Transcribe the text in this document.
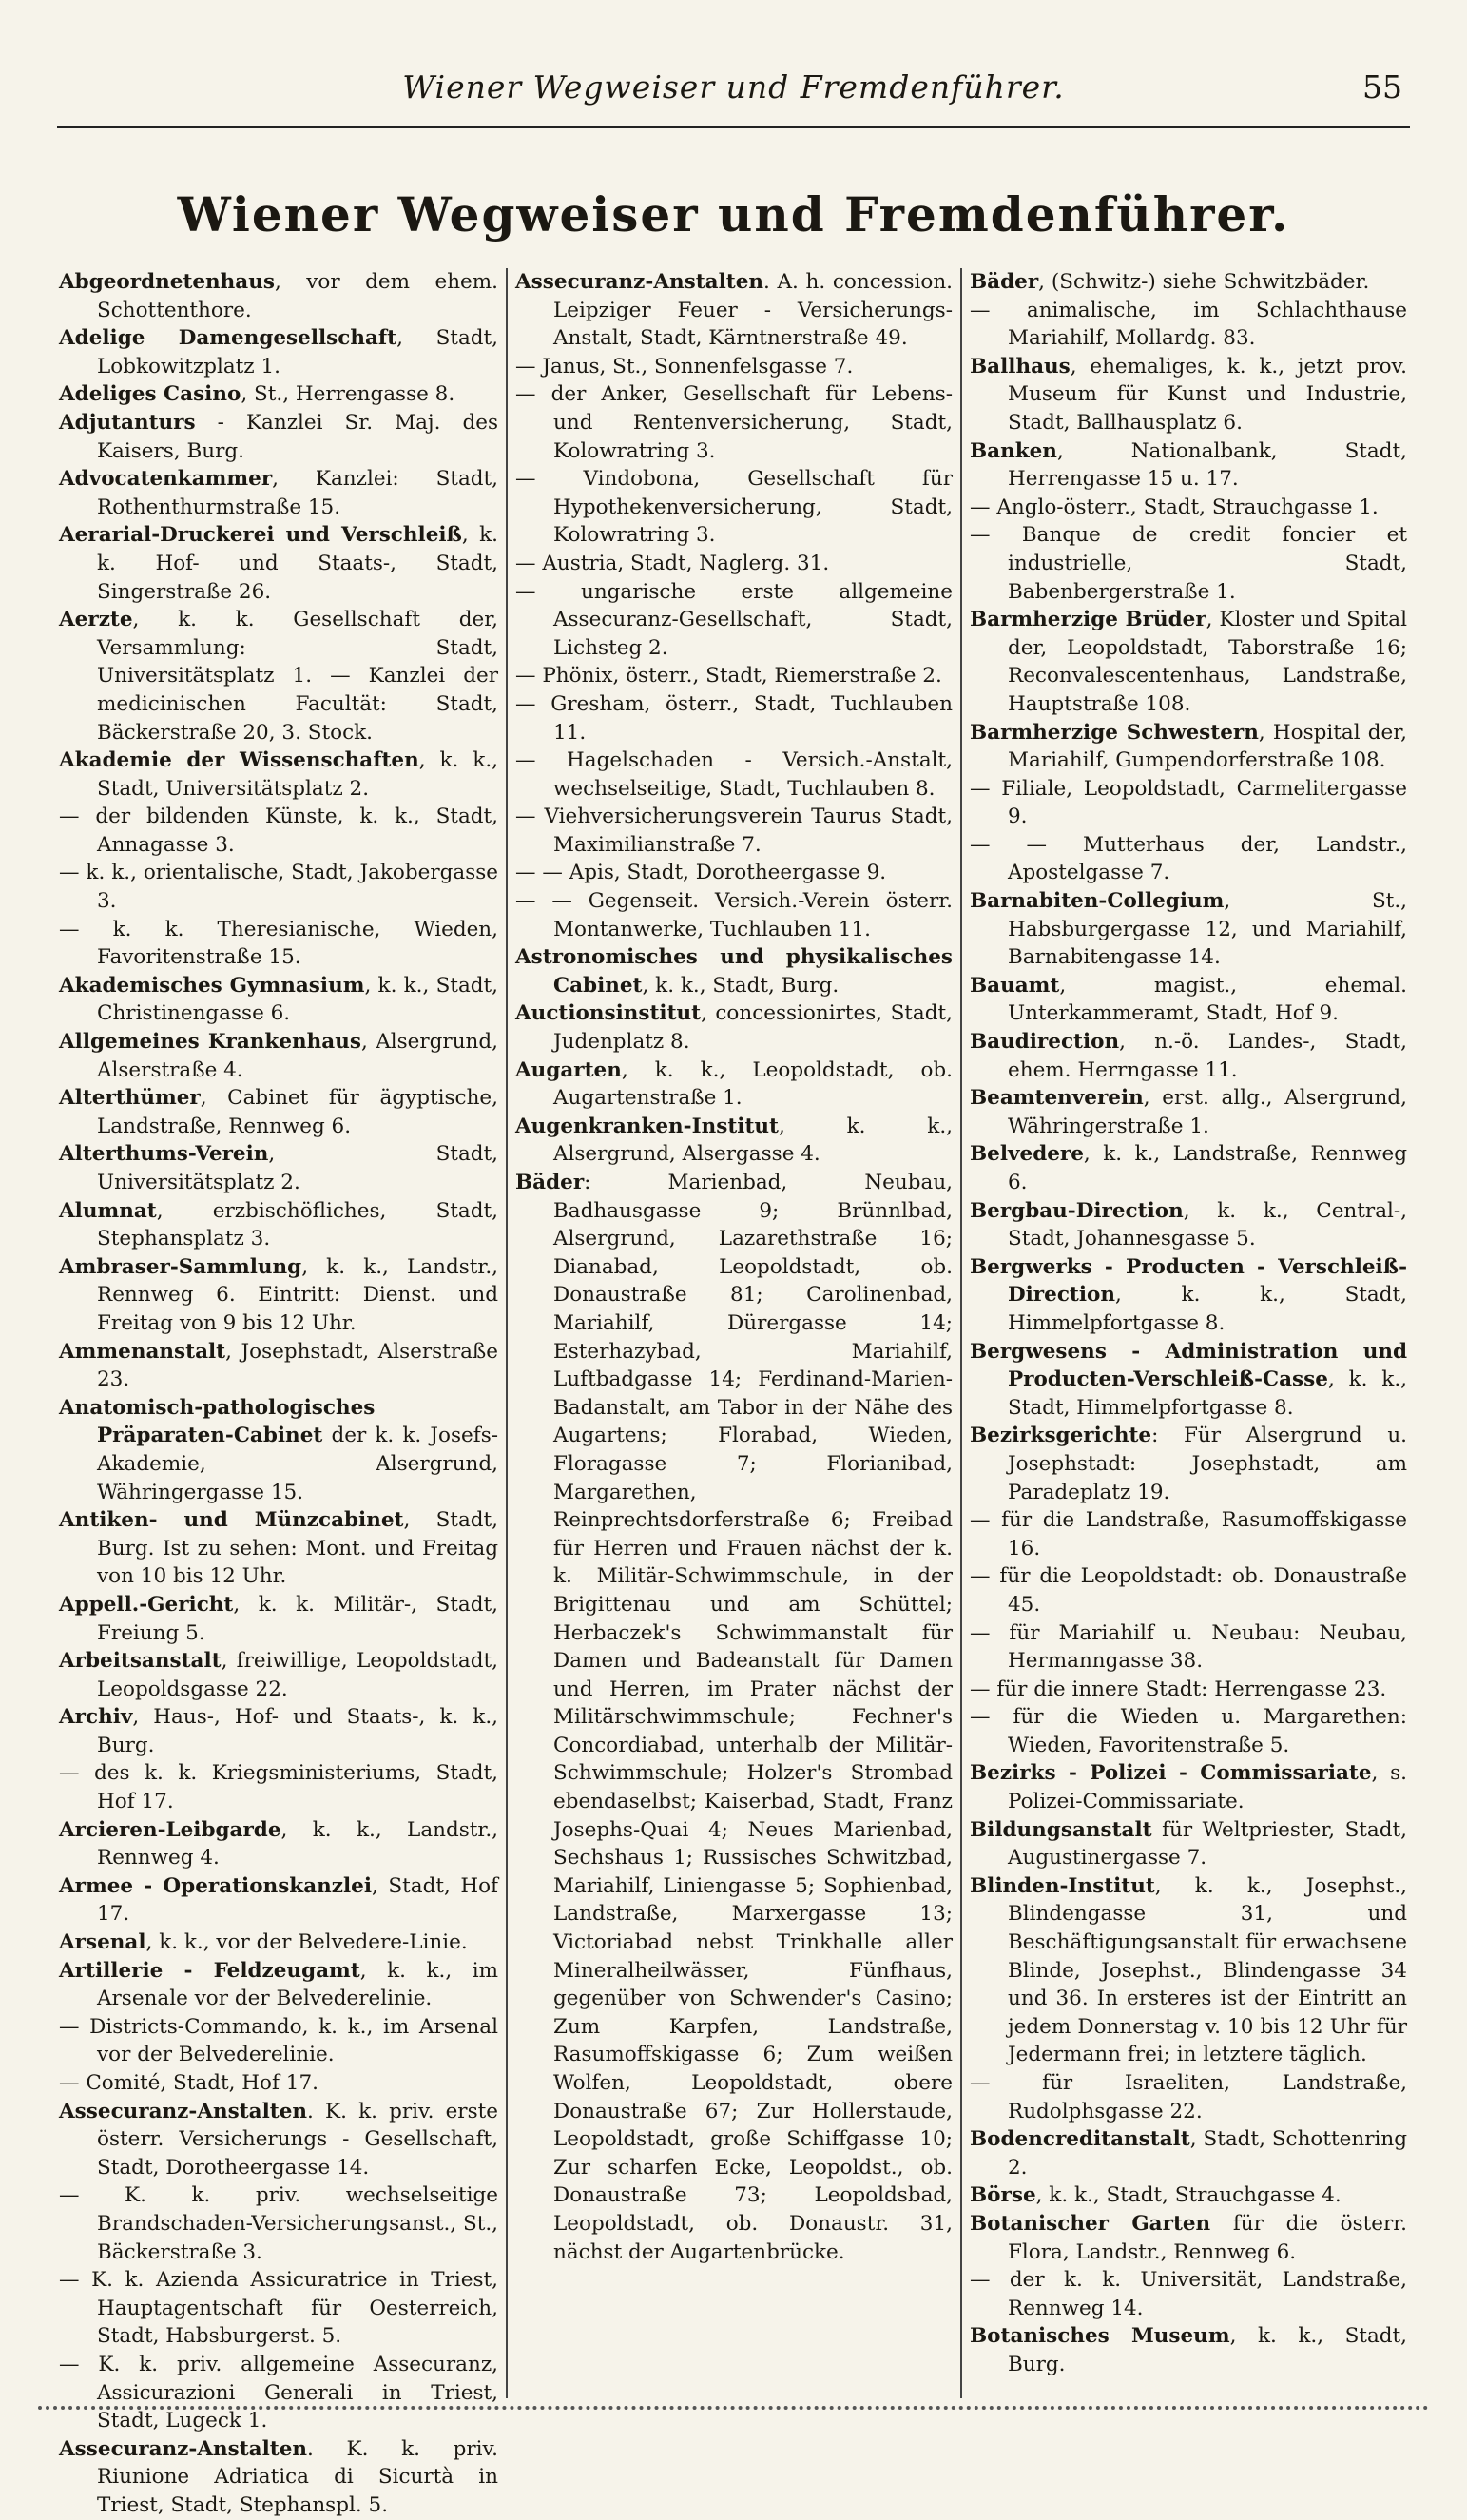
Wiener Wegweiser und Fremdenführer.	55
Wiener Wegweiser und Fremdenführer.
Abgeordnetenhaus, vor dem ehem. Schottenthore.
Adelige Damengesellschaft, Stadt, Lobkowitzplatz 1.
Adeliges Casino, St., Herrengasse 8.
Adjutanturs - Kanzlei Sr. Maj. des Kaisers, Burg.
Advocatenkammer, Kanzlei: Stadt, Rothenthurmstraße 15.
Aerarial-Druckerei und Verschleiß, k. k. Hof- und Staats-, Stadt, Singerstraße 26.
Aerzte, k. k. Gesellschaft der, Versammlung: Stadt, Universitätsplatz 1. — Kanzlei der medicinischen Facultät: Stadt, Bäckerstraße 20, 3. Stock.
Akademie der Wissenschaften, k. k., Stadt, Universitätsplatz 2.
— der bildenden Künste, k. k., Stadt, Annagasse 3.
— k. k., orientalische, Stadt, Jakobergasse 3.
— k. k. Theresianische, Wieden, Favoritenstraße 15.
Akademisches Gymnasium, k. k., Stadt, Christinengasse 6.
Allgemeines Krankenhaus, Alsergrund, Alserstraße 4.
Alterthümer, Cabinet für ägyptische, Landstraße, Rennweg 6.
Alterthums-Verein, Stadt, Universitätsplatz 2.
Alumnat, erzbischöfliches, Stadt, Stephansplatz 3.
Ambraser-Sammlung, k. k., Landstr., Rennweg 6. Eintritt: Dienst. und Freitag von 9 bis 12 Uhr.
Ammenanstalt, Josephstadt, Alserstraße 23.
Anatomisch-pathologisches Präparaten-Cabinet der k. k. Josefs-Akademie, Alsergrund, Währingergasse 15.
Antiken- und Münzcabinet, Stadt, Burg. Ist zu sehen: Mont. und Freitag von 10 bis 12 Uhr.
Appell.-Gericht, k. k. Militär-, Stadt, Freiung 5.
Arbeitsanstalt, freiwillige, Leopoldstadt, Leopoldsgasse 22.
Archiv, Haus-, Hof- und Staats-, k. k., Burg.
— des k. k. Kriegsministeriums, Stadt, Hof 17.
Arcieren-Leibgarde, k. k., Landstr., Rennweg 4.
Armee - Operationskanzlei, Stadt, Hof 17.
Arsenal, k. k., vor der Belvedere-Linie.
Artillerie - Feldzeugamt, k. k., im Arsenale vor der Belvederelinie.
— Districts-Commando, k. k., im Arsenal vor der Belvederelinie.
— Comité, Stadt, Hof 17.
Assecuranz-Anstalten. K. k. priv. erste österr. Versicherungs - Gesellschaft, Stadt, Dorotheergasse 14.
— K. k. priv. wechselseitige Brandschaden-Versicherungsanst., St., Bäckerstraße 3.
— K. k. Azienda Assicuratrice in Triest, Hauptagentschaft für Oesterreich, Stadt, Habsburgerst. 5.
— K. k. priv. allgemeine Assecuranz, Assicurazioni Generali in Triest, Stadt, Lugeck 1.
Assecuranz-Anstalten. K. k. priv. Riunione Adriatica di Sicurtà in Triest, Stadt, Stephanspl. 5.
Assecuranz-Anstalten. A. h. concession. Leipziger Feuer - Versicherungs-Anstalt, Stadt, Kärntnerstraße 49.
— Janus, St., Sonnenfelsgasse 7.
— der Anker, Gesellschaft für Lebens- und Rentenversicherung, Stadt, Kolowratring 3.
— Vindobona, Gesellschaft für Hypothekenversicherung, Stadt, Kolowratring 3.
— Austria, Stadt, Naglerg. 31.
— ungarische erste allgemeine Assecuranz-Gesellschaft, Stadt, Lichsteg 2.
— Phönix, österr., Stadt, Riemerstraße 2.
— Gresham, österr., Stadt, Tuchlauben 11.
— Hagelschaden - Versich.-Anstalt, wechselseitige, Stadt, Tuchlauben 8.
— Viehversicherungsverein Taurus Stadt, Maximilianstraße 7.
— — Apis, Stadt, Dorotheergasse 9.
— — Gegenseit. Versich.-Verein österr. Montanwerke, Tuchlauben 11.
Astronomisches und physikalisches Cabinet, k. k., Stadt, Burg.
Auctionsinstitut, concessionirtes, Stadt, Judenplatz 8.
Augarten, k. k., Leopoldstadt, ob. Augartenstraße 1.
Augenkranken-Institut, k. k., Alsergrund, Alsergasse 4.
Bäder: Marienbad, Neubau, Badhausgasse 9; Brünnlbad, Alsergrund, Lazarethstraße 16; Dianabad, Leopoldstadt, ob. Donaustraße 81; Carolinenbad, Mariahilf, Dürergasse 14; Esterhazybad, Mariahilf, Luftbadgasse 14; Ferdinand-Marien-Badanstalt, am Tabor in der Nähe des Augartens; Florabad, Wieden, Floragasse 7; Florianibad, Margarethen, Reinprechtsdorferstraße 6; Freibad für Herren und Frauen nächst der k. k. Militär-Schwimmschule, in der Brigittenau und am Schüttel; Herbaczek's Schwimmanstalt für Damen und Badeanstalt für Damen und Herren, im Prater nächst der Militärschwimmschule; Fechner's Concordiabad, unterhalb der Militär-Schwimmschule; Holzer's Strombad ebendaselbst; Kaiserbad, Stadt, Franz Josephs-Quai 4; Neues Marienbad, Sechshaus 1; Russisches Schwitzbad, Mariahilf, Liniengasse 5; Sophienbad, Landstraße, Marxergasse 13; Victoriabad nebst Trinkhalle aller Mineralheilwässer, Fünfhaus, gegenüber von Schwender's Casino; Zum Karpfen, Landstraße, Rasumoffskigasse 6; Zum weißen Wolfen, Leopoldstadt, obere Donaustraße 67; Zur Hollerstaude, Leopoldstadt, große Schiffgasse 10; Zur scharfen Ecke, Leopoldst., ob. Donaustraße 73; Leopoldsbad, Leopoldstadt, ob. Donaustr. 31, nächst der Augartenbrücke.
Bäder, (Schwitz-) siehe Schwitzbäder.
— animalische, im Schlachthause Mariahilf, Mollardg. 83.
Ballhaus, ehemaliges, k. k., jetzt prov. Museum für Kunst und Industrie, Stadt, Ballhausplatz 6.
Banken, Nationalbank, Stadt, Herrengasse 15 u. 17.
— Anglo-österr., Stadt, Strauchgasse 1.
— Banque de credit foncier et industrielle, Stadt, Babenbergerstraße 1.
Barmherzige Brüder, Kloster und Spital der, Leopoldstadt, Taborstraße 16; Reconvalescentenhaus, Landstraße, Hauptstraße 108.
Barmherzige Schwestern, Hospital der, Mariahilf, Gumpendorferstraße 108.
— Filiale, Leopoldstadt, Carmelitergasse 9.
— — Mutterhaus der, Landstr., Apostelgasse 7.
Barnabiten-Collegium, St., Habsburgergasse 12, und Mariahilf, Barnabitengasse 14.
Bauamt, magist., ehemal. Unterkammeramt, Stadt, Hof 9.
Baudirection, n.-ö. Landes-, Stadt, ehem. Herrngasse 11.
Beamtenverein, erst. allg., Alsergrund, Währingerstraße 1.
Belvedere, k. k., Landstraße, Rennweg 6.
Bergbau-Direction, k. k., Central-, Stadt, Johannesgasse 5.
Bergwerks - Producten - Verschleiß-Direction, k. k., Stadt, Himmelpfortgasse 8.
Bergwesens - Administration und Producten-Verschleiß-Casse, k. k., Stadt, Himmelpfortgasse 8.
Bezirksgerichte: Für Alsergrund u. Josephstadt: Josephstadt, am Paradeplatz 19.
— für die Landstraße, Rasumoffskigasse 16.
— für die Leopoldstadt: ob. Donaustraße 45.
— für Mariahilf u. Neubau: Neubau, Hermanngasse 38.
— für die innere Stadt: Herrengasse 23.
— für die Wieden u. Margarethen: Wieden, Favoritenstraße 5.
Bezirks - Polizei - Commissariate, s. Polizei-Commissariate.
Bildungsanstalt für Weltpriester, Stadt, Augustinergasse 7.
Blinden-Institut, k. k., Josephst., Blindengasse 31, und Beschäftigungsanstalt für erwachsene Blinde, Josephst., Blindengasse 34 und 36. In ersteres ist der Eintritt an jedem Donnerstag v. 10 bis 12 Uhr für Jedermann frei; in letztere täglich.
— für Israeliten, Landstraße, Rudolphsgasse 22.
Bodencreditanstalt, Stadt, Schottenring 2.
Börse, k. k., Stadt, Strauchgasse 4.
Botanischer Garten für die österr. Flora, Landstr., Rennweg 6.
— der k. k. Universität, Landstraße, Rennweg 14.
Botanisches Museum, k. k., Stadt, Burg.
